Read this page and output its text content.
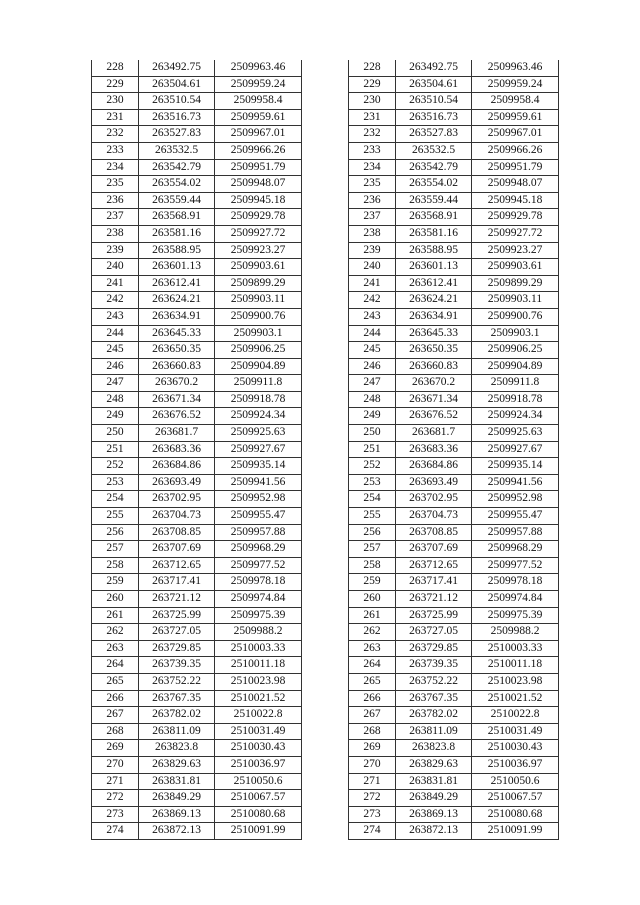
228	263492.75	2509963.46
229	263504.61	2509959.24
230	263510.54	2509958.4
231	263516.73	2509959.61
232	263527.83	2509967.01
233	263532.5	2509966.26
234	263542.79	2509951.79
235	263554.02	2509948.07
236	263559.44	2509945.18
237	263568.91	2509929.78
238	263581.16	2509927.72
239	263588.95	2509923.27
240	263601.13	2509903.61
241	263612.41	2509899.29
242	263624.21	2509903.11
243	263634.91	2509900.76
244	263645.33	2509903.1
245	263650.35	2509906.25
246	263660.83	2509904.89
247	263670.2	2509911.8
248	263671.34	2509918.78
249	263676.52	2509924.34
250	263681.7	2509925.63
251	263683.36	2509927.67
252	263684.86	2509935.14
253	263693.49	2509941.56
254	263702.95	2509952.98
255	263704.73	2509955.47
256	263708.85	2509957.88
257	263707.69	2509968.29
258	263712.65	2509977.52
259	263717.41	2509978.18
260	263721.12	2509974.84
261	263725.99	2509975.39
262	263727.05	2509988.2
263	263729.85	2510003.33
264	263739.35	2510011.18
265	263752.22	2510023.98
266	263767.35	2510021.52
267	263782.02	2510022.8
268	263811.09	2510031.49
269	263823.8	2510030.43
270	263829.63	2510036.97
271	263831.81	2510050.6
272	263849.29	2510067.57
273	263869.13	2510080.68
274	263872.13	2510091.99
228	263492.75	2509963.46
229	263504.61	2509959.24
230	263510.54	2509958.4
231	263516.73	2509959.61
232	263527.83	2509967.01
233	263532.5	2509966.26
234	263542.79	2509951.79
235	263554.02	2509948.07
236	263559.44	2509945.18
237	263568.91	2509929.78
238	263581.16	2509927.72
239	263588.95	2509923.27
240	263601.13	2509903.61
241	263612.41	2509899.29
242	263624.21	2509903.11
243	263634.91	2509900.76
244	263645.33	2509903.1
245	263650.35	2509906.25
246	263660.83	2509904.89
247	263670.2	2509911.8
248	263671.34	2509918.78
249	263676.52	2509924.34
250	263681.7	2509925.63
251	263683.36	2509927.67
252	263684.86	2509935.14
253	263693.49	2509941.56
254	263702.95	2509952.98
255	263704.73	2509955.47
256	263708.85	2509957.88
257	263707.69	2509968.29
258	263712.65	2509977.52
259	263717.41	2509978.18
260	263721.12	2509974.84
261	263725.99	2509975.39
262	263727.05	2509988.2
263	263729.85	2510003.33
264	263739.35	2510011.18
265	263752.22	2510023.98
266	263767.35	2510021.52
267	263782.02	2510022.8
268	263811.09	2510031.49
269	263823.8	2510030.43
270	263829.63	2510036.97
271	263831.81	2510050.6
272	263849.29	2510067.57
273	263869.13	2510080.68
274	263872.13	2510091.99
